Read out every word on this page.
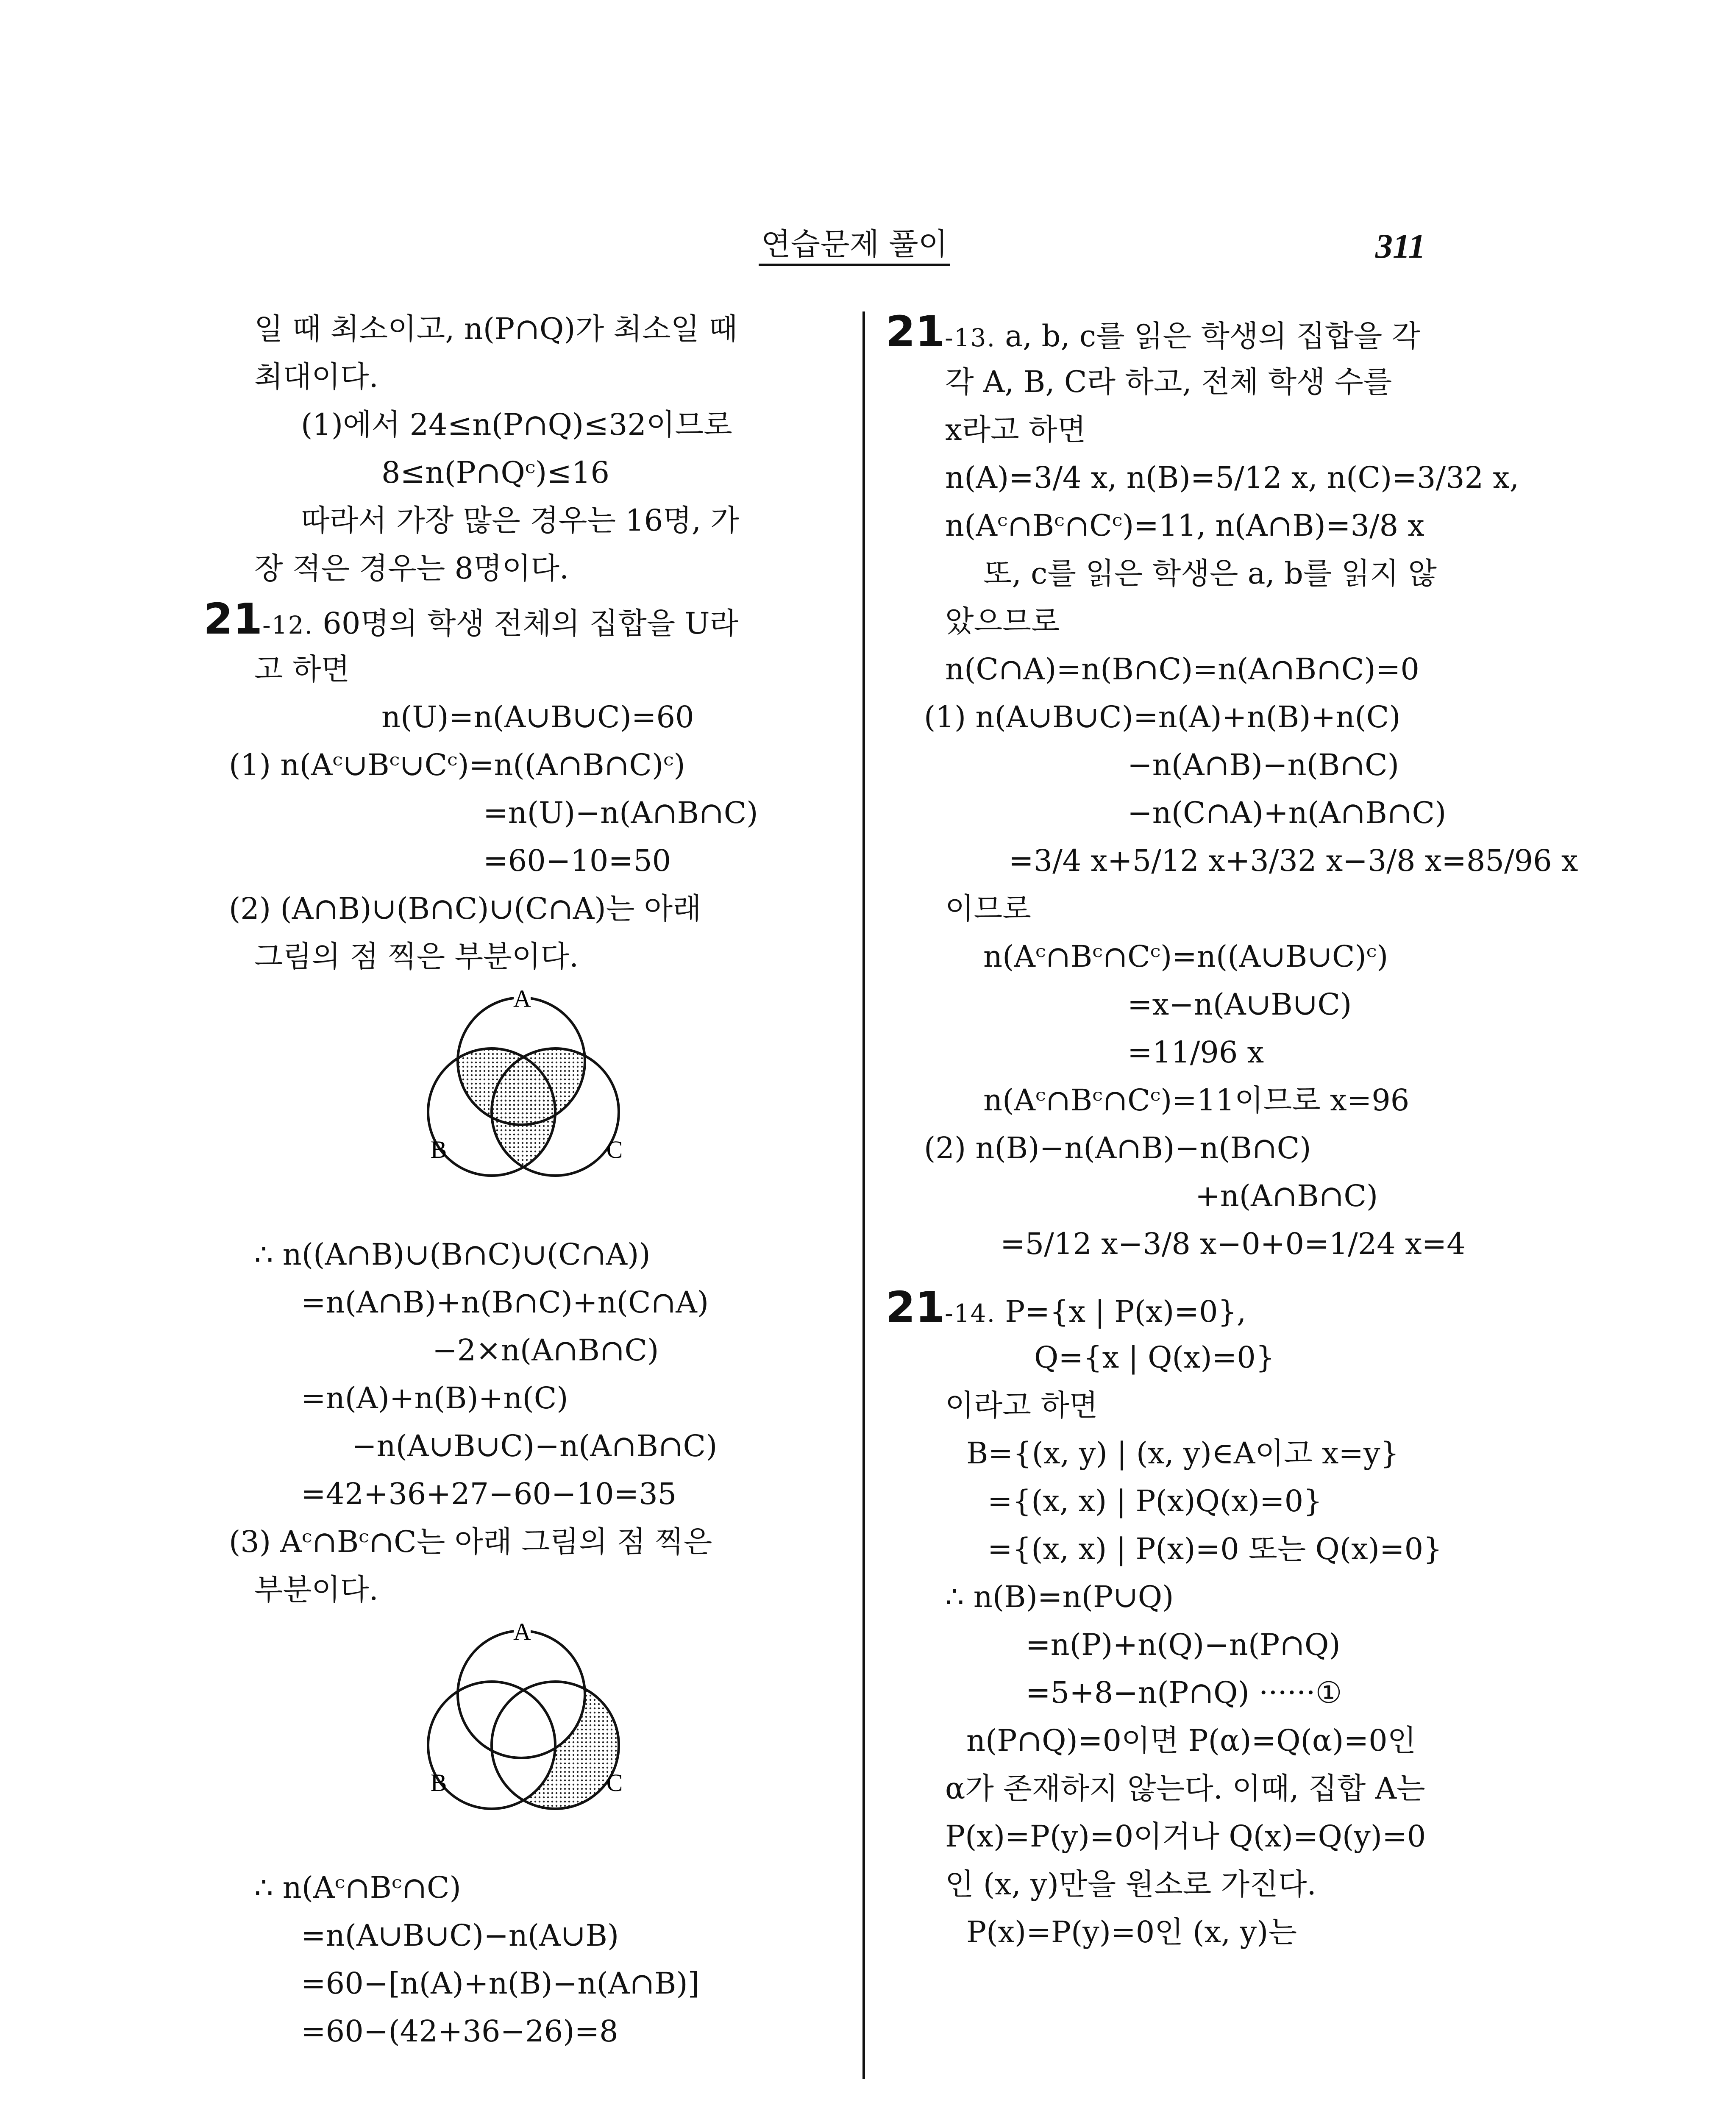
연습문제 풀이	311
일 때 최소이고, n(P∩Q)가 최소일 때
최대이다.
(1)에서 24≤n(P∩Q)≤32이므로
8≤n(P∩Qᶜ)≤16
따라서 가장 많은 경우는 16명, 가
장 적은 경우는 8명이다.
21-12. 60명의 학생 전체의 집합을 U라
고 하면
n(U)=n(A∪B∪C)=60
(1) n(Aᶜ∪Bᶜ∪Cᶜ)=n((A∩B∩C)ᶜ)
=n(U)−n(A∩B∩C)
=60−10=50
(2) (A∩B)∪(B∩C)∪(C∩A)는 아래
그림의 점 찍은 부분이다.
A
B	C
∴ n((A∩B)∪(B∩C)∪(C∩A))
=n(A∩B)+n(B∩C)+n(C∩A)
−2×n(A∩B∩C)
=n(A)+n(B)+n(C)
−n(A∪B∪C)−n(A∩B∩C)
=42+36+27−60−10=35
(3) Aᶜ∩Bᶜ∩C는 아래 그림의 점 찍은
부분이다.
A
B	C
∴ n(Aᶜ∩Bᶜ∩C)
=n(A∪B∪C)−n(A∪B)
=60−[n(A)+n(B)−n(A∩B)]
=60−(42+36−26)=8
21-13. a, b, c를 읽은 학생의 집합을 각
각 A, B, C라 하고, 전체 학생 수를
x라고 하면
n(A)=3/4 x, n(B)=5/12 x, n(C)=3/32 x,
n(Aᶜ∩Bᶜ∩Cᶜ)=11, n(A∩B)=3/8 x
또, c를 읽은 학생은 a, b를 읽지 않
았으므로
n(C∩A)=n(B∩C)=n(A∩B∩C)=0
(1) n(A∪B∪C)=n(A)+n(B)+n(C)
−n(A∩B)−n(B∩C)
−n(C∩A)+n(A∩B∩C)
=3/4 x+5/12 x+3/32 x−3/8 x=85/96 x
이므로
n(Aᶜ∩Bᶜ∩Cᶜ)=n((A∪B∪C)ᶜ)
=x−n(A∪B∪C)
=11/96 x
n(Aᶜ∩Bᶜ∩Cᶜ)=11이므로 x=96
(2) n(B)−n(A∩B)−n(B∩C)
+n(A∩B∩C)
=5/12 x−3/8 x−0+0=1/24 x=4
21-14. P={x | P(x)=0},
Q={x | Q(x)=0}
이라고 하면
B={(x, y) | (x, y)∈A이고 x=y}
={(x, x) | P(x)Q(x)=0}
={(x, x) | P(x)=0 또는 Q(x)=0}
∴ n(B)=n(P∪Q)
=n(P)+n(Q)−n(P∩Q)
=5+8−n(P∩Q) ······①
n(P∩Q)=0이면 P(α)=Q(α)=0인
α가 존재하지 않는다. 이때, 집합 A는
P(x)=P(y)=0이거나 Q(x)=Q(y)=0
인 (x, y)만을 원소로 가진다.
P(x)=P(y)=0인 (x, y)는
